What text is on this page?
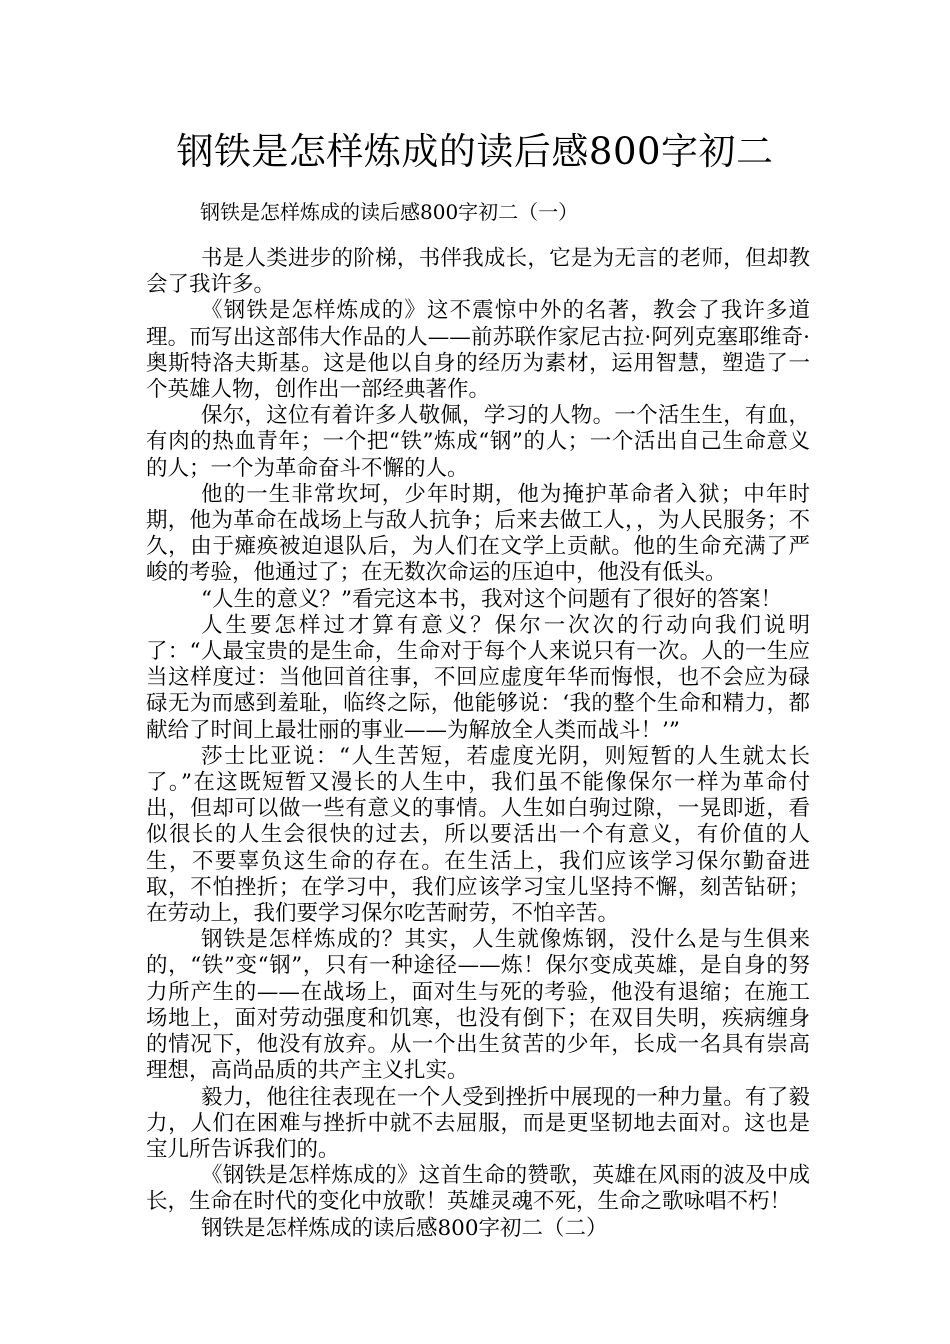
钢铁是怎样炼成的读后感800字初二

钢铁是怎样炼成的读后感800字初二（一）

书是人类进步的阶梯，书伴我成长，它是为无言的老师，但却教会了我许多。

《钢铁是怎样炼成的》这不震惊中外的名著，教会了我许多道理。而写出这部伟大作品的人——前苏联作家尼古拉·阿列克塞耶维奇·奥斯特洛夫斯基。这是他以自身的经历为素材，运用智慧，塑造了一个英雄人物，创作出一部经典著作。

保尔，这位有着许多人敬佩，学习的人物。一个活生生，有血，有肉的热血青年；一个把“铁”炼成“钢”的人；一个活出自己生命意义的人；一个为革命奋斗不懈的人。

他的一生非常坎坷，少年时期，他为掩护革命者入狱；中年时期，他为革命在战场上与敌人抗争；后来去做工人，，为人民服务；不久，由于瘫痪被迫退队后，为人们在文学上贡献。他的生命充满了严峻的考验，他通过了；在无数次命运的压迫中，他没有低头。

“人生的意义？”看完这本书，我对这个问题有了很好的答案！

人生要怎样过才算有意义？保尔一次次的行动向我们说明了：“人最宝贵的是生命，生命对于每个人来说只有一次。人的一生应当这样度过：当他回首往事，不回应虚度年华而悔恨，也不会应为碌碌无为而感到羞耻，临终之际，他能够说：‘我的整个生命和精力，都献给了时间上最壮丽的事业——为解放全人类而战斗！’”

莎士比亚说：“人生苦短，若虚度光阴，则短暂的人生就太长了。”在这既短暂又漫长的人生中，我们虽不能像保尔一样为革命付出，但却可以做一些有意义的事情。人生如白驹过隙，一晃即逝，看似很长的人生会很快的过去，所以要活出一个有意义，有价值的人生，不要辜负这生命的存在。在生活上，我们应该学习保尔勤奋进取，不怕挫折；在学习中，我们应该学习宝儿坚持不懈，刻苦钻研；在劳动上，我们要学习保尔吃苦耐劳，不怕辛苦。

钢铁是怎样炼成的？其实，人生就像炼钢，没什么是与生俱来的，“铁”变“钢”，只有一种途径——炼！保尔变成英雄，是自身的努力所产生的——在战场上，面对生与死的考验，他没有退缩；在施工场地上，面对劳动强度和饥寒，也没有倒下；在双目失明，疾病缠身的情况下，他没有放弃。从一个出生贫苦的少年，长成一名具有崇高理想，高尚品质的共产主义扎实。

毅力，他往往表现在一个人受到挫折中展现的一种力量。有了毅力，人们在困难与挫折中就不去屈服，而是更坚韧地去面对。这也是宝儿所告诉我们的。

《钢铁是怎样炼成的》这首生命的赞歌，英雄在风雨的波及中成长，生命在时代的变化中放歌！英雄灵魂不死，生命之歌咏唱不朽！

钢铁是怎样炼成的读后感800字初二（二）
